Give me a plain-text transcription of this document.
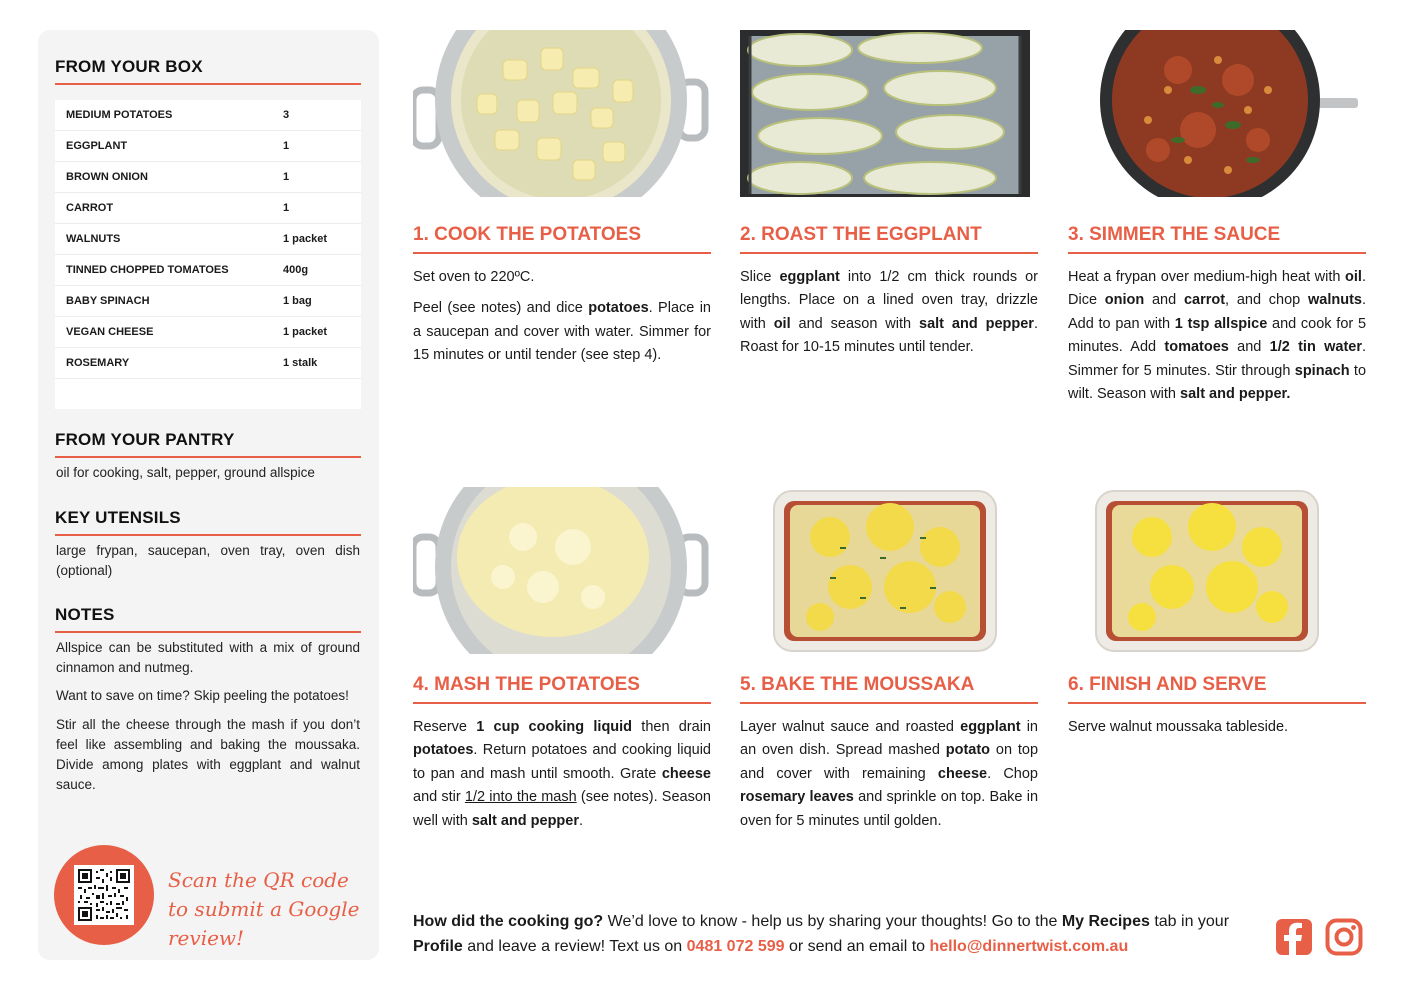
FROM YOUR BOX
MEDIUM POTATOES	3
EGGPLANT	1
BROWN ONION	1
CARROT	1
WALNUTS	1 packet
TINNED CHOPPED TOMATOES	400g
BABY SPINACH	1 bag
VEGAN CHEESE	1 packet
ROSEMARY	1 stalk
FROM YOUR PANTRY
oil for cooking, salt, pepper, ground allspice
KEY UTENSILS
large frypan, saucepan, oven tray, oven dish (optional)
NOTES
Allspice can be substituted with a mix of ground cinnamon and nutmeg.
Want to save on time? Skip peeling the potatoes!
Stir all the cheese through the mash if you don’t feel like assembling and baking the moussaka. Divide among plates with eggplant and walnut sauce.
Scan the QR code to submit a Google review!
1. COOK THE POTATOES

Set oven to 220ºC.

Peel (see notes) and dice potatoes. Place in a saucepan and cover with water. Simmer for 15 minutes or until tender (see step 4).

2. ROAST THE EGGPLANT

Slice eggplant into 1/2 cm thick rounds or lengths. Place on a lined oven tray, drizzle with oil and season with salt and pepper. Roast for 10-15 minutes until tender.

3. SIMMER THE SAUCE

Heat a frypan over medium-high heat with oil. Dice onion and carrot, and chop walnuts. Add to pan with 1 tsp allspice and cook for 5 minutes. Add tomatoes and 1/2 tin water. Simmer for 5 minutes. Stir through spinach to wilt. Season with salt and pepper.

4. MASH THE POTATOES

Reserve 1 cup cooking liquid then drain potatoes. Return potatoes and cooking liquid to pan and mash until smooth. Grate cheese and stir 1/2 into the mash (see notes). Season well with salt and pepper.

5. BAKE THE MOUSSAKA

Layer walnut sauce and roasted eggplant in an oven dish. Spread mashed potato on top and cover with remaining cheese. Chop rosemary leaves and sprinkle on top. Bake in oven for 5 minutes until golden.

6. FINISH AND SERVE

Serve walnut moussaka tableside.

How did the cooking go? We’d love to know - help us by sharing your thoughts! Go to the My Recipes tab in your Profile and leave a review! Text us on 0481 072 599 or send an email to hello@dinnertwist.com.au
